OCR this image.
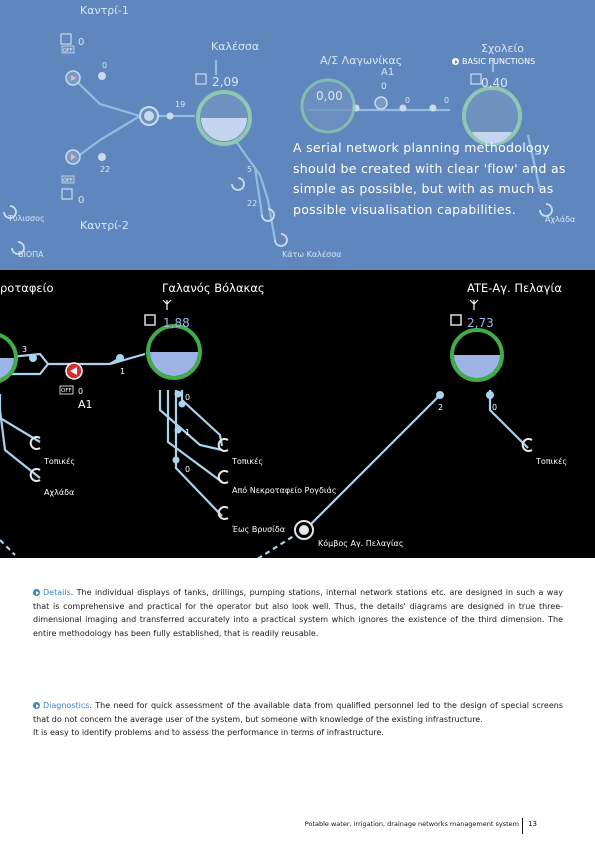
Καντρί-1
0	Καλέσσα
2,09
Α/Σ Λαγωνίκας
A1
0
0,00
Σχολείο
0,40
Καντρί-2
0
OFF
OFF
Τύλισσος
ΒΙΟΠΑ	Κάτω Καλέσσα
Αχλάδα
0
19
22	5
22
0	0
BASIC FUNCTIONS
A serial network planning methodology should be created with clear 'flow' and as simple as possible, but with as much as possible visualisation capabilities.
ροταφείο	Γαλανός Βόλακας
1,88
ATE-Αγ. Πελαγία
2,73
OFF 0
A1
3
1
0
1
0
2	0
Τοπικές
Αχλάδα
Τοπικές
Από Νεκροταφείο Ρογδιάς
Έως Βρυσίδα
Κόμβος Αγ. Πελαγίας
Τοπικές
Details. The individual displays of tanks, drillings, pumping stations, internal network stations etc. are designed in such a way that is comprehensive and practical for the operator but also look well. Thus, the details' diagrams are designed in true three-dimensional imaging and transferred accurately into a practical system which ignores the existence of the third dimension. The entire methodology has been fully established, that is readily reusable.
Diagnostics. The need for quick assessment of the available data from qualified personnel led to the design of special screens that do not concern the average user of the system, but someone with knowledge of the existing infrastructure.
It is easy to identify problems and to assess the performance in terms of infrastructure.
Potable water, irrigation, drainage networks management system 13
